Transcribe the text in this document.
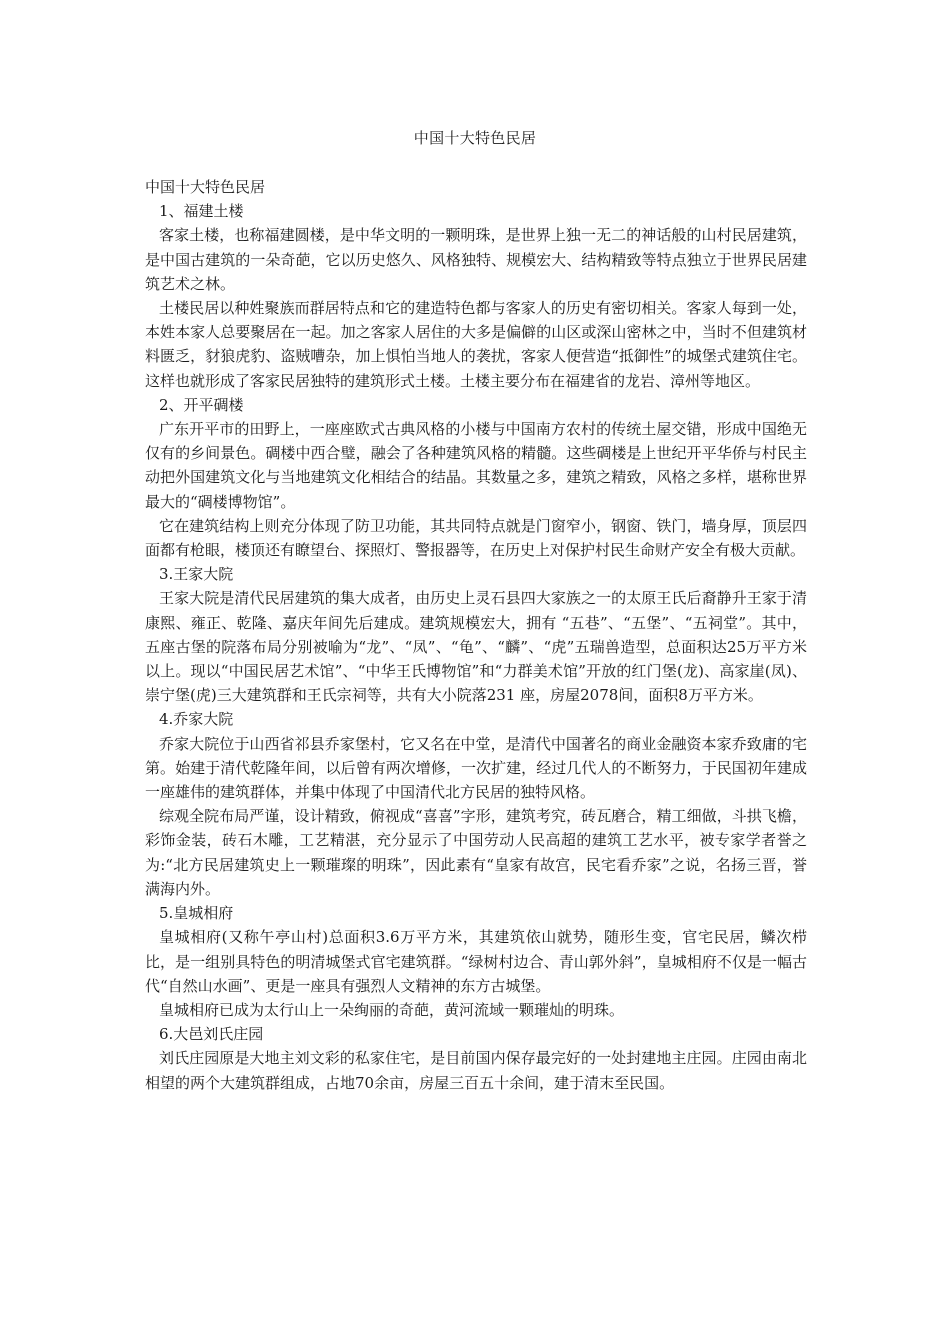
中国十大特色民居

中国十大特色民居

1、福建土楼

客家土楼，也称福建圆楼，是中华文明的一颗明珠，是世界上独一无二的神话般的山村民居建筑，是中国古建筑的一朵奇葩，它以历史悠久、风格独特、规模宏大、结构精致等特点独立于世界民居建筑艺术之林。

土楼民居以种姓聚族而群居特点和它的建造特色都与客家人的历史有密切相关。客家人每到一处，本姓本家人总要聚居在一起。加之客家人居住的大多是偏僻的山区或深山密林之中，当时不但建筑材料匮乏，豺狼虎豹、盗贼嘈杂，加上惧怕当地人的袭扰，客家人便营造“抵御性”的城堡式建筑住宅。这样也就形成了客家民居独特的建筑形式土楼。土楼主要分布在福建省的龙岩、漳州等地区。

2、开平碉楼

广东开平市的田野上，一座座欧式古典风格的小楼与中国南方农村的传统土屋交错，形成中国绝无仅有的乡间景色。碉楼中西合璧，融会了各种建筑风格的精髓。这些碉楼是上世纪开平华侨与村民主动把外国建筑文化与当地建筑文化相结合的结晶。其数量之多，建筑之精致，风格之多样，堪称世界最大的“碉楼博物馆”。

它在建筑结构上则充分体现了防卫功能，其共同特点就是门窗窄小，钢窗、铁门，墙身厚，顶层四面都有枪眼，楼顶还有瞭望台、探照灯、警报器等，在历史上对保护村民生命财产安全有极大贡献。

3.王家大院

王家大院是清代民居建筑的集大成者，由历史上灵石县四大家族之一的太原王氏后裔静升王家于清康熙、雍正、乾隆、嘉庆年间先后建成。建筑规模宏大，拥有 “五巷”、“五堡”、“五祠堂”。其中，五座古堡的院落布局分别被喻为“龙”、“凤”、“龟”、“麟”、“虎”五瑞兽造型，总面积达25万平方米以上。现以“中国民居艺术馆”、“中华王氏博物馆”和“力群美术馆”开放的红门堡(龙)、高家崖(凤)、崇宁堡(虎)三大建筑群和王氏宗祠等，共有大小院落231 座，房屋2078间，面积8万平方米。

4.乔家大院

乔家大院位于山西省祁县乔家堡村，它又名在中堂，是清代中国著名的商业金融资本家乔致庸的宅第。始建于清代乾隆年间，以后曾有两次增修，一次扩建，经过几代人的不断努力，于民国初年建成一座雄伟的建筑群体，并集中体现了中国清代北方民居的独特风格。

综观全院布局严谨，设计精致，俯视成“喜喜”字形，建筑考究，砖瓦磨合，精工细做，斗拱飞檐，彩饰金装，砖石木雕，工艺精湛，充分显示了中国劳动人民高超的建筑工艺水平，被专家学者誉之为:“北方民居建筑史上一颗璀璨的明珠”，因此素有“皇家有故宫，民宅看乔家”之说，名扬三晋，誉满海内外。

5.皇城相府

皇城相府(又称午亭山村)总面积3.6万平方米，其建筑依山就势，随形生变，官宅民居，鳞次栉比，是一组别具特色的明清城堡式官宅建筑群。“绿树村边合、青山郭外斜”，皇城相府不仅是一幅古代“自然山水画”、更是一座具有强烈人文精神的东方古城堡。

皇城相府已成为太行山上一朵绚丽的奇葩，黄河流域一颗璀灿的明珠。

6.大邑刘氏庄园

刘氏庄园原是大地主刘文彩的私家住宅，是目前国内保存最完好的一处封建地主庄园。庄园由南北相望的两个大建筑群组成，占地70余亩，房屋三百五十余间，建于清末至民国。
